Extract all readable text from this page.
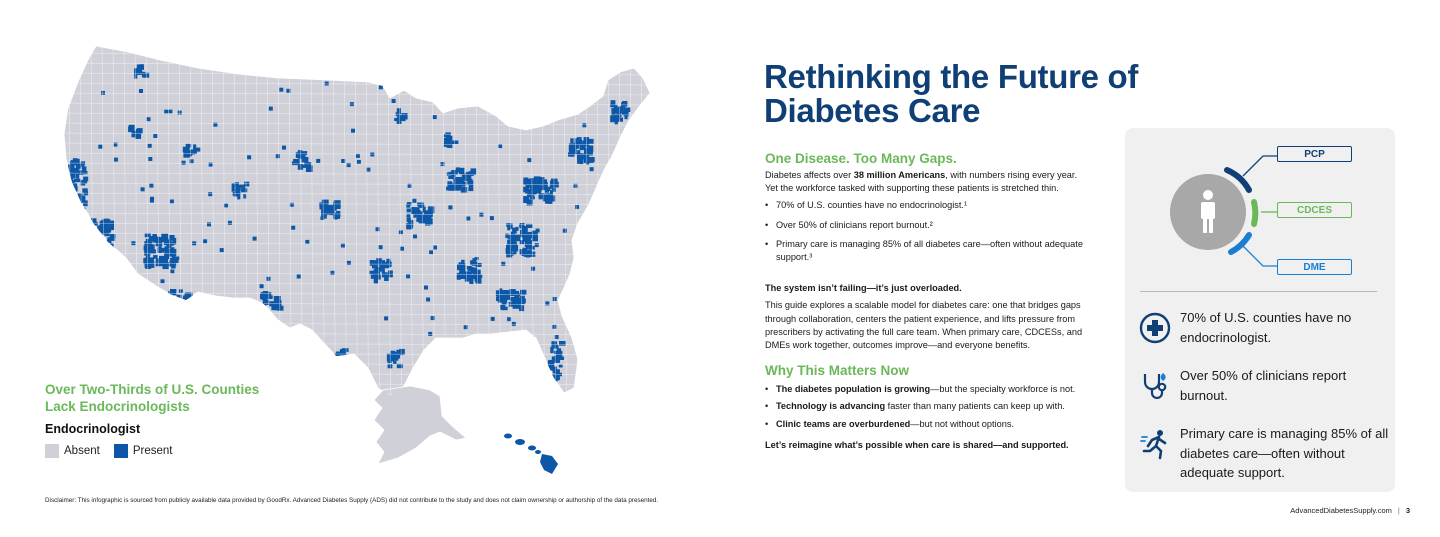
Over Two-Thirds of U.S. Counties Lack Endocrinologists
Endocrinologist
Absent	Present
Disclaimer: This infographic is sourced from publicly available data provided by GoodRx. Advanced Diabetes Supply (ADS) did not contribute to the study and does not claim ownership or authorship of the data presented.
Rethinking the Future of Diabetes Care
One Disease. Too Many Gaps.

Diabetes affects over 38 million Americans, with numbers rising every year. Yet the workforce tasked with supporting these patients is stretched thin.

• 70% of U.S. counties have no endocrinologist.¹
• Over 50% of clinicians report burnout.²
• Primary care is managing 85% of all diabetes care—often without adequate support.³

The system isn’t failing—it’s just overloaded.

This guide explores a scalable model for diabetes care: one that bridges gaps through collaboration, centers the patient experience, and lifts pressure from prescribers by activating the full care team. When primary care, CDCESs, and DMEs work together, outcomes improve—and everyone benefits.

Why This Matters Now
• The diabetes population is growing—but the specialty workforce is not.
• Technology is advancing faster than many patients can keep up with.
• Clinic teams are overburdened—but not without options.

Let’s reimagine what’s possible when care is shared—and supported.

PCP
CDCES
DME
70% of U.S. counties have no endocrinologist.
Over 50% of clinicians report burnout.
Primary care is managing 85% of all diabetes care—often without adequate support.
AdvancedDiabetesSupply.com | 3
